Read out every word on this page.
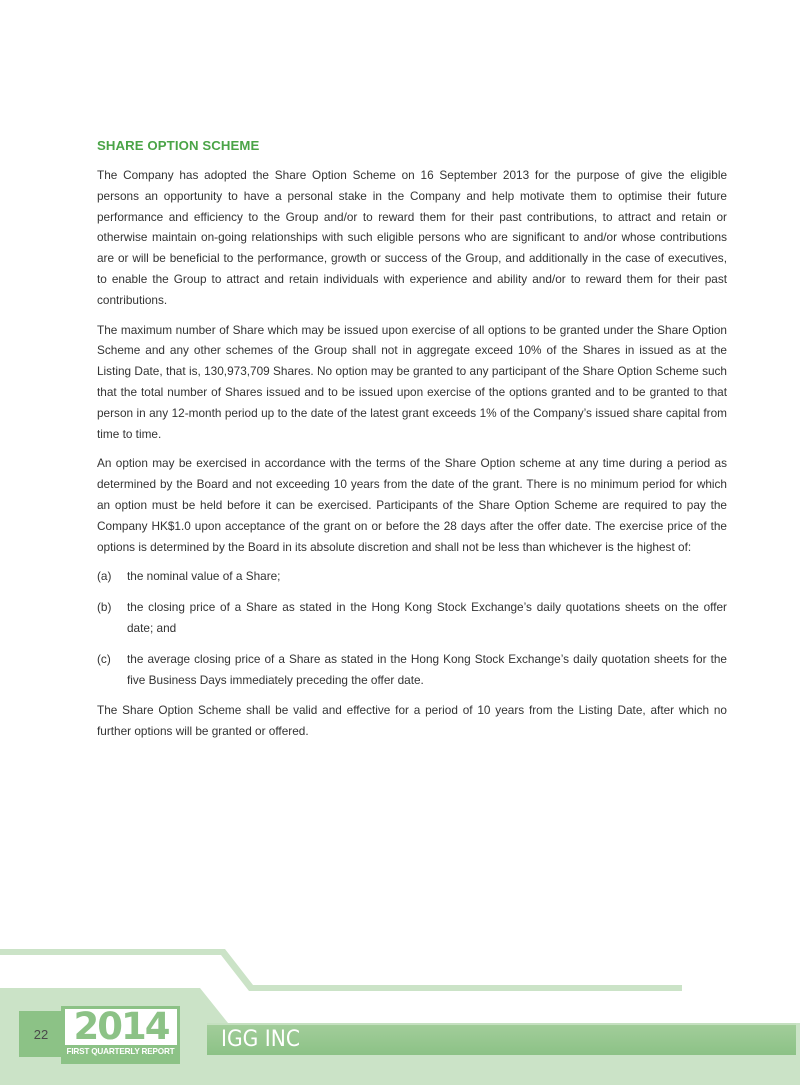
SHARE OPTION SCHEME

The Company has adopted the Share Option Scheme on 16 September 2013 for the purpose of give the eligible persons an opportunity to have a personal stake in the Company and help motivate them to optimise their future performance and efficiency to the Group and/or to reward them for their past contributions, to attract and retain or otherwise maintain on-going relationships with such eligible persons who are significant to and/or whose contributions are or will be beneficial to the performance, growth or success of the Group, and additionally in the case of executives, to enable the Group to attract and retain individuals with experience and ability and/or to reward them for their past contributions.

The maximum number of Share which may be issued upon exercise of all options to be granted under the Share Option Scheme and any other schemes of the Group shall not in aggregate exceed 10% of the Shares in issued as at the Listing Date, that is, 130,973,709 Shares. No option may be granted to any participant of the Share Option Scheme such that the total number of Shares issued and to be issued upon exercise of the options granted and to be granted to that person in any 12-month period up to the date of the latest grant exceeds 1% of the Company’s issued share capital from time to time.

An option may be exercised in accordance with the terms of the Share Option scheme at any time during a period as determined by the Board and not exceeding 10 years from the date of the grant. There is no minimum period for which an option must be held before it can be exercised. Participants of the Share Option Scheme are required to pay the Company HK$1.0 upon acceptance of the grant on or before the 28 days after the offer date. The exercise price of the options is determined by the Board in its absolute discretion and shall not be less than whichever is the highest of:

(a)	the nominal value of a Share;
(b)	the closing price of a Share as stated in the Hong Kong Stock Exchange’s daily quotations sheets on the offer date; and
(c)	the average closing price of a Share as stated in the Hong Kong Stock Exchange’s daily quotation sheets for the five Business Days immediately preceding the offer date.

The Share Option Scheme shall be valid and effective for a period of 10 years from the Listing Date, after which no further options will be granted or offered.

22 2014
FIRST QUARTERLY REPORT IGG INC
